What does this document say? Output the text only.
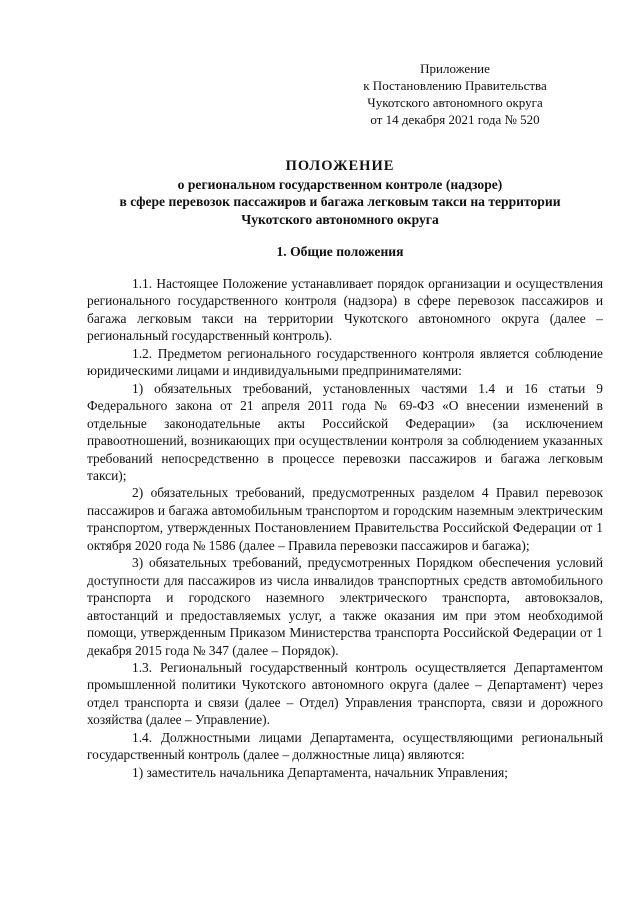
Приложение
к Постановлению Правительства
Чукотского автономного округа
от 14 декабря 2021 года № 520
ПОЛОЖЕНИЕ
о региональном государственном контроле (надзоре)
в сфере перевозок пассажиров и багажа легковым такси на территории
Чукотского автономного округа
1. Общие положения

1.1. Настоящее Положение устанавливает порядок организации и осуществления регионального государственного контроля (надзора) в сфере перевозок пассажиров и багажа легковым такси на территории Чукотского автономного округа (далее – региональный государственный контроль).

1.2. Предметом регионального государственного контроля является соблюдение юридическими лицами и индивидуальными предпринимателями:

1) обязательных требований, установленных частями 1.4 и 16 статьи 9 Федерального закона от 21 апреля 2011 года № 69-ФЗ «О внесении изменений в отдельные законодательные акты Российской Федерации» (за исключением правоотношений, возникающих при осуществлении контроля за соблюдением указанных требований непосредственно в процессе перевозки пассажиров и багажа легковым такси);

2) обязательных требований, предусмотренных разделом 4 Правил перевозок пассажиров и багажа автомобильным транспортом и городским наземным электрическим транспортом, утвержденных Постановлением Правительства Российской Федерации от 1 октября 2020 года № 1586 (далее – Правила перевозки пассажиров и багажа);

3) обязательных требований, предусмотренных Порядком обеспечения условий доступности для пассажиров из числа инвалидов транспортных средств автомобильного транспорта и городского наземного электрического транспорта, автовокзалов, автостанций и предоставляемых услуг, а также оказания им при этом необходимой помощи, утвержденным Приказом Министерства транспорта Российской Федерации от 1 декабря 2015 года № 347 (далее – Порядок).

1.3. Региональный государственный контроль осуществляется Департаментом промышленной политики Чукотского автономного округа (далее – Департамент) через отдел транспорта и связи (далее – Отдел) Управления транспорта, связи и дорожного хозяйства (далее – Управление).

1.4. Должностными лицами Департамента, осуществляющими региональный государственный контроль (далее – должностные лица) являются:

1) заместитель начальника Департамента, начальник Управления;
